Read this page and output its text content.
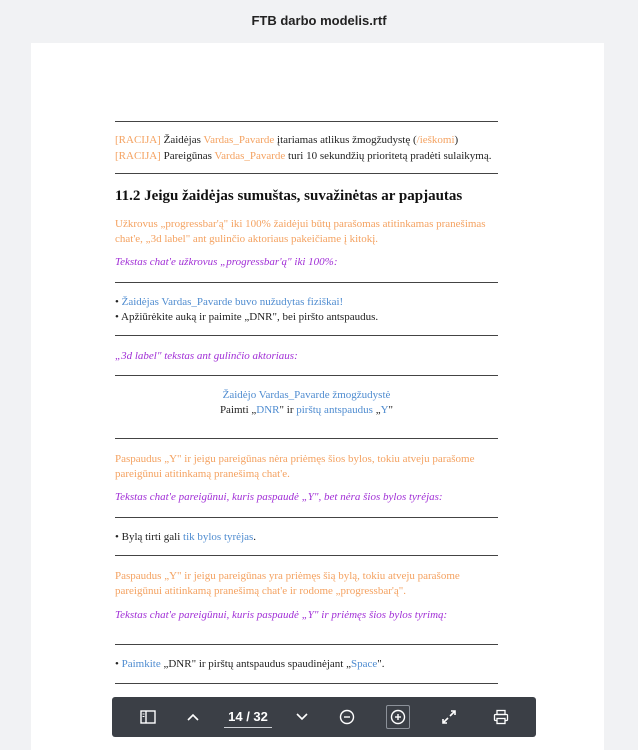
FTB darbo modelis.rtf
[RACIJA] Žaidėjas Vardas_Pavarde įtariamas atlikus žmogžudystę (/ieškomi)
[RACIJA] Pareigūnas Vardas_Pavarde turi 10 sekundžių prioritetą pradėti sulaikymą.
11.2 Jeigu žaidėjas sumuštas, suvažinėtas ar papjautas
Užkrovus „progressbar'ą" iki 100% žaidėjui būtų parašomas atitinkamas pranešimas chat'e, „3d label" ant gulinčio aktoriaus pakeičiame į kitokį.
Tekstas chat'e užkrovus „progressbar'ą" iki 100%:
• Žaidėjas Vardas_Pavarde buvo nužudytas fiziškai!
• Apžiūrėkite auką ir paimite „DNR", bei piršto antspaudus.
„3d label" tekstas ant gulinčio aktoriaus:
Žaidėjo Vardas_Pavarde žmogžudystė
Paimti „DNR" ir pirštų antspaudus „Y"
Paspaudus „Y" ir jeigu pareigūnas nėra priėmęs šios bylos, tokiu atveju parašome pareigūnui atitinkamą pranešimą chat'e.
Tekstas chat'e pareigūnui, kuris paspaudė „Y", bet nėra šios bylos tyrėjas:
• Bylą tirti gali tik bylos tyrėjas.
Paspaudus „Y" ir jeigu pareigūnas yra priėmęs šią bylą, tokiu atveju parašome pareigūnui atitinkamą pranešimą chat'e ir rodome „progressbar'ą".
Tekstas chat'e pareigūnui, kuris paspaudė „Y" ir priėmęs šios bylos tyrimą:
• Paimkite „DNR" ir pirštų antspaudus spaudinėjant „Space".
14 / 32
